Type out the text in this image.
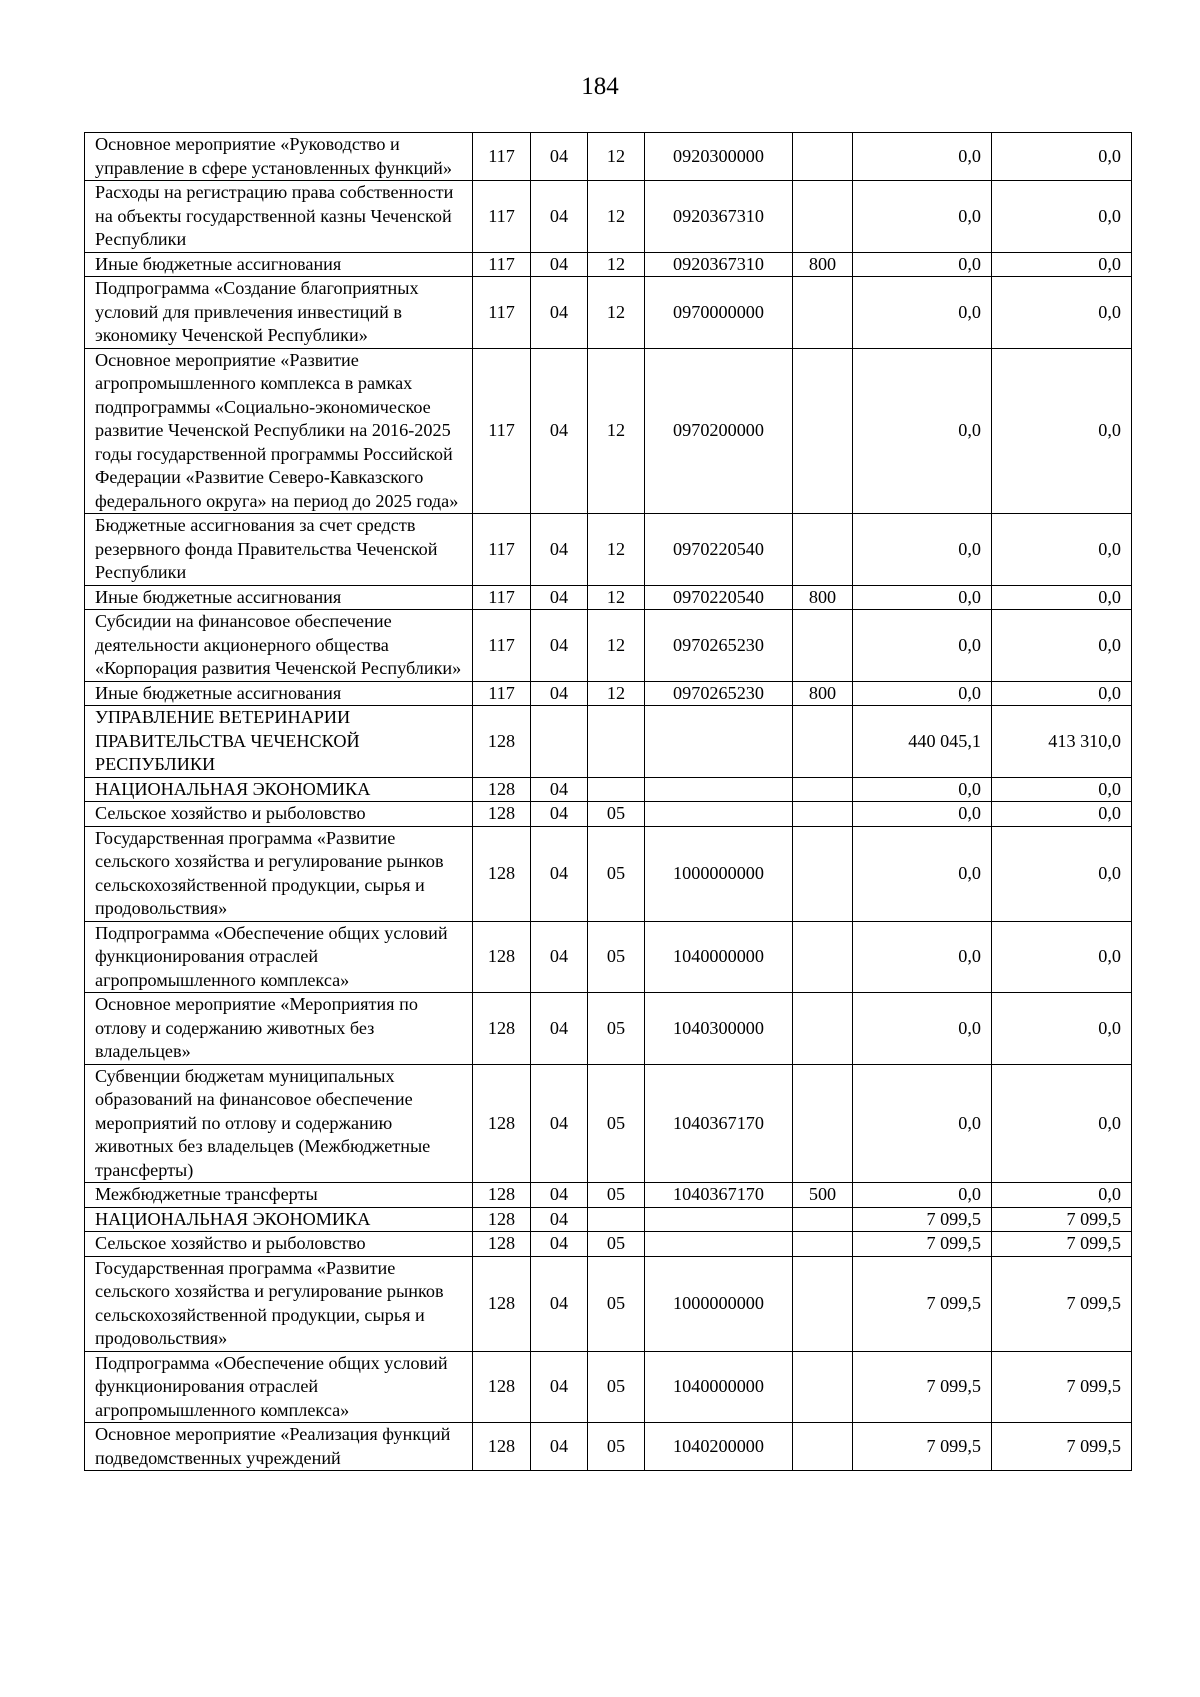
184
Основное мероприятие «Руководство и управление в сфере установленных функций»	117	04	12	0920300000		0,0	0,0
Расходы на регистрацию права собственности на объекты государственной казны Чеченской Республики	117	04	12	0920367310		0,0	0,0
Иные бюджетные ассигнования	117	04	12	0920367310	800	0,0	0,0
Подпрограмма «Создание благоприятных условий для привлечения инвестиций в экономику Чеченской Республики»	117	04	12	0970000000		0,0	0,0
Основное мероприятие «Развитие агропромышленного комплекса в рамках подпрограммы «Социально-экономическое развитие Чеченской Республики на 2016-2025 годы государственной программы Российской Федерации «Развитие Северо-Кавказского федерального округа» на период до 2025 года»	117	04	12	0970200000		0,0	0,0
Бюджетные ассигнования за счет средств резервного фонда Правительства Чеченской Республики	117	04	12	0970220540		0,0	0,0
Иные бюджетные ассигнования	117	04	12	0970220540	800	0,0	0,0
Субсидии на финансовое обеспечение деятельности акционерного общества «Корпорация развития Чеченской Республики»	117	04	12	0970265230		0,0	0,0
Иные бюджетные ассигнования	117	04	12	0970265230	800	0,0	0,0
УПРАВЛЕНИЕ ВЕТЕРИНАРИИ ПРАВИТЕЛЬСТВА ЧЕЧЕНСКОЙ РЕСПУБЛИКИ	128					440 045,1	413 310,0
НАЦИОНАЛЬНАЯ ЭКОНОМИКА	128	04				0,0	0,0
Сельское хозяйство и рыболовство	128	04	05			0,0	0,0
Государственная программа «Развитие сельского хозяйства и регулирование рынков сельскохозяйственной продукции, сырья и продовольствия»	128	04	05	1000000000		0,0	0,0
Подпрограмма «Обеспечение общих условий функционирования отраслей агропромышленного комплекса»	128	04	05	1040000000		0,0	0,0
Основное мероприятие «Мероприятия по отлову и содержанию животных без владельцев»	128	04	05	1040300000		0,0	0,0
Субвенции бюджетам муниципальных образований на финансовое обеспечение мероприятий по отлову и содержанию животных без владельцев (Межбюджетные трансферты)	128	04	05	1040367170		0,0	0,0
Межбюджетные трансферты	128	04	05	1040367170	500	0,0	0,0
НАЦИОНАЛЬНАЯ ЭКОНОМИКА	128	04				7 099,5	7 099,5
Сельское хозяйство и рыболовство	128	04	05			7 099,5	7 099,5
Государственная программа «Развитие сельского хозяйства и регулирование рынков сельскохозяйственной продукции, сырья и продовольствия»	128	04	05	1000000000		7 099,5	7 099,5
Подпрограмма «Обеспечение общих условий функционирования отраслей агропромышленного комплекса»	128	04	05	1040000000		7 099,5	7 099,5
Основное мероприятие «Реализация функций подведомственных учреждений	128	04	05	1040200000		7 099,5	7 099,5
